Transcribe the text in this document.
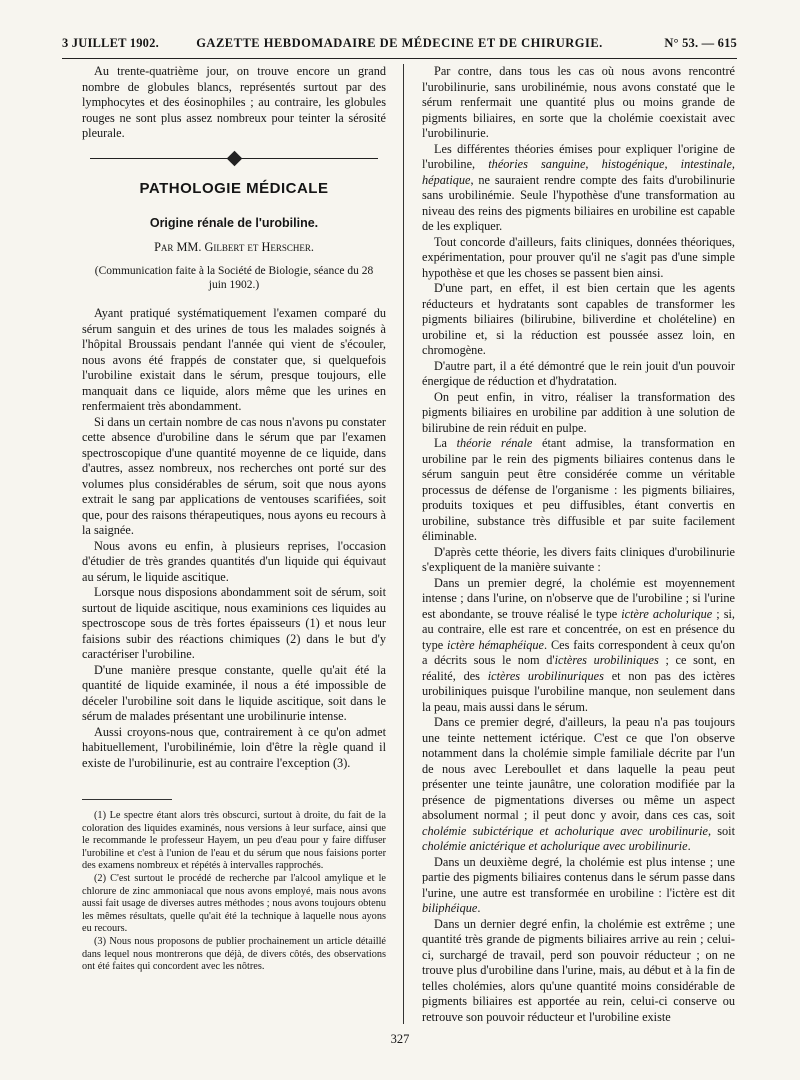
3 JUILLET 1902.	GAZETTE HEBDOMADAIRE DE MÉDECINE ET DE CHIRURGIE.	N° 53. — 615

Au trente-quatrième jour, on trouve encore un grand nombre de globules blancs, représentés surtout par des lymphocytes et des éosinophiles ; au contraire, les globules rouges ne sont plus assez nombreux pour teinter la sérosité pleurale.

PATHOLOGIE MÉDICALE
Origine rénale de l'urobiline.
Par MM. Gilbert et Herscher.
(Communication faite à la Société de Biologie, séance du 28 juin 1902.)

Ayant pratiqué systématiquement l'examen comparé du sérum sanguin et des urines de tous les malades soignés à l'hôpital Broussais pendant l'année qui vient de s'écouler, nous avons été frappés de constater que, si quelquefois l'urobiline existait dans le sérum, presque toujours, elle manquait dans ce liquide, alors même que les urines en renfermaient très abondamment.

Si dans un certain nombre de cas nous n'avons pu constater cette absence d'urobiline dans le sérum que par l'examen spectroscopique d'une quantité moyenne de ce liquide, dans d'autres, assez nombreux, nos recherches ont porté sur des volumes plus considérables de sérum, soit que nous ayons extrait le sang par applications de ventouses scarifiées, soit que, pour des raisons thérapeutiques, nous ayons eu recours à la saignée.

Nous avons eu enfin, à plusieurs reprises, l'occasion d'étudier de très grandes quantités d'un liquide qui équivaut au sérum, le liquide ascitique.

Lorsque nous disposions abondamment soit de sérum, soit surtout de liquide ascitique, nous examinions ces liquides au spectroscope sous de très fortes épaisseurs (1) et nous leur faisions subir des réactions chimiques (2) dans le but d'y caractériser l'urobiline.

D'une manière presque constante, quelle qu'ait été la quantité de liquide examinée, il nous a été impossible de déceler l'urobiline soit dans le liquide ascitique, soit dans le sérum de malades présentant une urobilinurie intense.

Aussi croyons-nous que, contrairement à ce qu'on admet habituellement, l'urobilinémie, loin d'être la règle quand il existe de l'urobilinurie, est au contraire l'exception (3).

(1) Le spectre étant alors très obscurci, surtout à droite, du fait de la coloration des liquides examinés, nous versions à leur surface, ainsi que le recommande le professeur Hayem, un peu d'eau pour y faire diffuser l'urobiline et c'est à l'union de l'eau et du sérum que nous faisions porter des examens nombreux et répétés à intervalles rapprochés.

(2) C'est surtout le procédé de recherche par l'alcool amylique et le chlorure de zinc ammoniacal que nous avons employé, mais nous avons aussi fait usage de diverses autres méthodes ; nous avons toujours obtenu les mêmes résultats, quelle qu'ait été la technique à laquelle nous ayons eu recours.

(3) Nous nous proposons de publier prochainement un article détaillé dans lequel nous montrerons que déjà, de divers côtés, des observations ont été faites qui concordent avec les nôtres.

Par contre, dans tous les cas où nous avons rencontré l'urobilinurie, sans urobilinémie, nous avons constaté que le sérum renfermait une quantité plus ou moins grande de pigments biliaires, en sorte que la cholémie coexistait avec l'urobilinurie.

Les différentes théories émises pour expliquer l'origine de l'urobiline, théories sanguine, histogénique, intestinale, hépatique, ne sauraient rendre compte des faits d'urobilinurie sans urobilinémie. Seule l'hypothèse d'une transformation au niveau des reins des pigments biliaires en urobiline est capable de les expliquer.

Tout concorde d'ailleurs, faits cliniques, données théoriques, expérimentation, pour prouver qu'il ne s'agit pas d'une simple hypothèse et que les choses se passent bien ainsi.

D'une part, en effet, il est bien certain que les agents réducteurs et hydratants sont capables de transformer les pigments biliaires (bilirubine, biliverdine et cholételine) en urobiline et, si la réduction est poussée assez loin, en chromogène.

D'autre part, il a été démontré que le rein jouit d'un pouvoir énergique de réduction et d'hydratation.

On peut enfin, in vitro, réaliser la transformation des pigments biliaires en urobiline par addition à une solution de bilirubine de rein réduit en pulpe.

La théorie rénale étant admise, la transformation en urobiline par le rein des pigments biliaires contenus dans le sérum sanguin peut être considérée comme un véritable processus de défense de l'organisme : les pigments biliaires, produits toxiques et peu diffusibles, étant convertis en urobiline, substance très diffusible et par suite facilement éliminable.

D'après cette théorie, les divers faits cliniques d'urobilinurie s'expliquent de la manière suivante :

Dans un premier degré, la cholémie est moyennement intense ; dans l'urine, on n'observe que de l'urobiline ; si l'urine est abondante, se trouve réalisé le type ictère acholurique ; si, au contraire, elle est rare et concentrée, on est en présence du type ictère hémaphéique. Ces faits correspondent à ceux qu'on a décrits sous le nom d'ictères urobiliniques ; ce sont, en réalité, des ictères urobilinuriques et non pas des ictères urobiliniques puisque l'urobiline manque, non seulement dans la peau, mais aussi dans le sérum.

Dans ce premier degré, d'ailleurs, la peau n'a pas toujours une teinte nettement ictérique. C'est ce que l'on observe notamment dans la cholémie simple familiale décrite par l'un de nous avec Lereboullet et dans laquelle la peau peut présenter une teinte jaunâtre, une coloration modifiée par la présence de pigmentations diverses ou même un aspect absolument normal ; il peut donc y avoir, dans ces cas, soit cholémie subictérique et acholurique avec urobilinurie, soit cholémie anictérique et acholurique avec urobilinurie.

Dans un deuxième degré, la cholémie est plus intense ; une partie des pigments biliaires contenus dans le sérum passe dans l'urine, une autre est transformée en urobiline : l'ictère est dit biliphéique.

Dans un dernier degré enfin, la cholémie est extrême ; une quantité très grande de pigments biliaires arrive au rein ; celui-ci, surchargé de travail, perd son pouvoir réducteur ; on ne trouve plus d'urobiline dans l'urine, mais, au début et à la fin de telles cholémies, alors qu'une quantité moins considérable de pigments biliaires est apportée au rein, celui-ci conserve ou retrouve son pouvoir réducteur et l'urobiline existe

327
